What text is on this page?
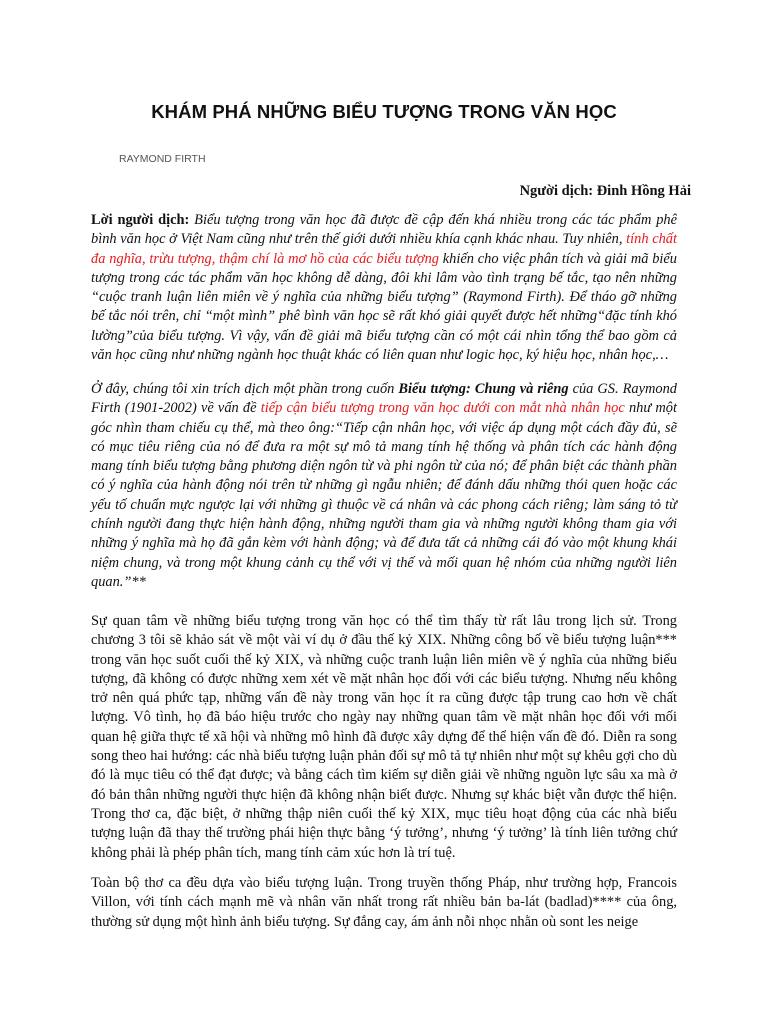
KHÁM PHÁ NHỮNG BIỂU TƯỢNG TRONG VĂN HỌC
RAYMOND FIRTH
Người dịch: Đinh Hồng Hải

Lời người dịch: Biểu tượng trong văn học đã được đề cập đến khá nhiều trong các tác phẩm phê bình văn học ở Việt Nam cũng như trên thế giới dưới nhiều khía cạnh khác nhau. Tuy nhiên, tính chất đa nghĩa, trừu tượng, thậm chí là mơ hồ của các biểu tượng khiến cho việc phân tích và giải mã biểu tượng trong các tác phẩm văn học không dễ dàng, đôi khi lâm vào tình trạng bế tắc, tạo nên những “cuộc tranh luận liên miên về ý nghĩa của những biểu tượng” (Raymond Firth). Để tháo gỡ những bế tắc nói trên, chỉ “một mình” phê bình văn học sẽ rất khó giải quyết được hết những“đặc tính khó lường”của biểu tượng. Vì vậy, vấn đề giải mã biểu tượng cần có một cái nhìn tổng thể bao gồm cả văn học cũng như những ngành học thuật khác có liên quan như logic học, ký hiệu học, nhân học,…

Ở đây, chúng tôi xin trích dịch một phần trong cuốn Biểu tượng: Chung và riêng của GS. Raymond Firth (1901-2002) về vấn đề tiếp cận biểu tượng trong văn học dưới con mắt nhà nhân học như một góc nhìn tham chiếu cụ thể, mà theo ông:“Tiếp cận nhân học, với việc áp dụng một cách đầy đủ, sẽ có mục tiêu riêng của nó để đưa ra một sự mô tả mang tính hệ thống và phân tích các hành động mang tính biểu tượng bằng phương diện ngôn từ và phi ngôn từ của nó; để phân biệt các thành phần có ý nghĩa của hành động nói trên từ những gì ngẫu nhiên; để đánh dấu những thói quen hoặc các yếu tố chuẩn mực ngược lại với những gì thuộc về cá nhân và các phong cách riêng; làm sáng tỏ từ chính người đang thực hiện hành động, những người tham gia và những người không tham gia với những ý nghĩa mà họ đã gắn kèm với hành động; và để đưa tất cả những cái đó vào một khung khái niệm chung, và trong một khung cảnh cụ thể với vị thế và mối quan hệ nhóm của những người liên quan.”**

Sự quan tâm về những biểu tượng trong văn học có thể tìm thấy từ rất lâu trong lịch sử. Trong chương 3 tôi sẽ khảo sát về một vài ví dụ ở đầu thế kỷ XIX. Những công bố về biểu tượng luận*** trong văn học suốt cuối thế kỷ XIX, và những cuộc tranh luận liên miên về ý nghĩa của những biểu tượng, đã không có được những xem xét về mặt nhân học đối với các biểu tượng. Nhưng nếu không trở nên quá phức tạp, những vấn đề này trong văn học ít ra cũng được tập trung cao hơn về chất lượng. Vô tình, họ đã báo hiệu trước cho ngày nay những quan tâm về mặt nhân học đối với mối quan hệ giữa thực tế xã hội và những mô hình đã được xây dựng để thể hiện vấn đề đó. Diễn ra song song theo hai hướng: các nhà biểu tượng luận phản đối sự mô tả tự nhiên như một sự khêu gợi cho dù đó là mục tiêu có thể đạt được; và bằng cách tìm kiếm sự diễn giải về những nguồn lực sâu xa mà ở đó bản thân những người thực hiện đã không nhận biết được. Nhưng sự khác biệt vẫn được thể hiện. Trong thơ ca, đặc biệt, ở những thập niên cuối thế kỷ XIX, mục tiêu hoạt động của các nhà biểu tượng luận đã thay thế trường phái hiện thực bằng ‘ý tưởng’, nhưng ‘ý tưởng’ là tính liên tưởng chứ không phải là phép phân tích, mang tính cảm xúc hơn là trí tuệ.

Toàn bộ thơ ca đều dựa vào biểu tượng luận. Trong truyền thống Pháp, như trường hợp, Francois Villon, với tính cách mạnh mẽ và nhân văn nhất trong rất nhiều bản ba-lát (badlad)**** của ông, thường sử dụng một hình ảnh biểu tượng. Sự đắng cay, ám ảnh nỗi nhọc nhằn où sont les neige
